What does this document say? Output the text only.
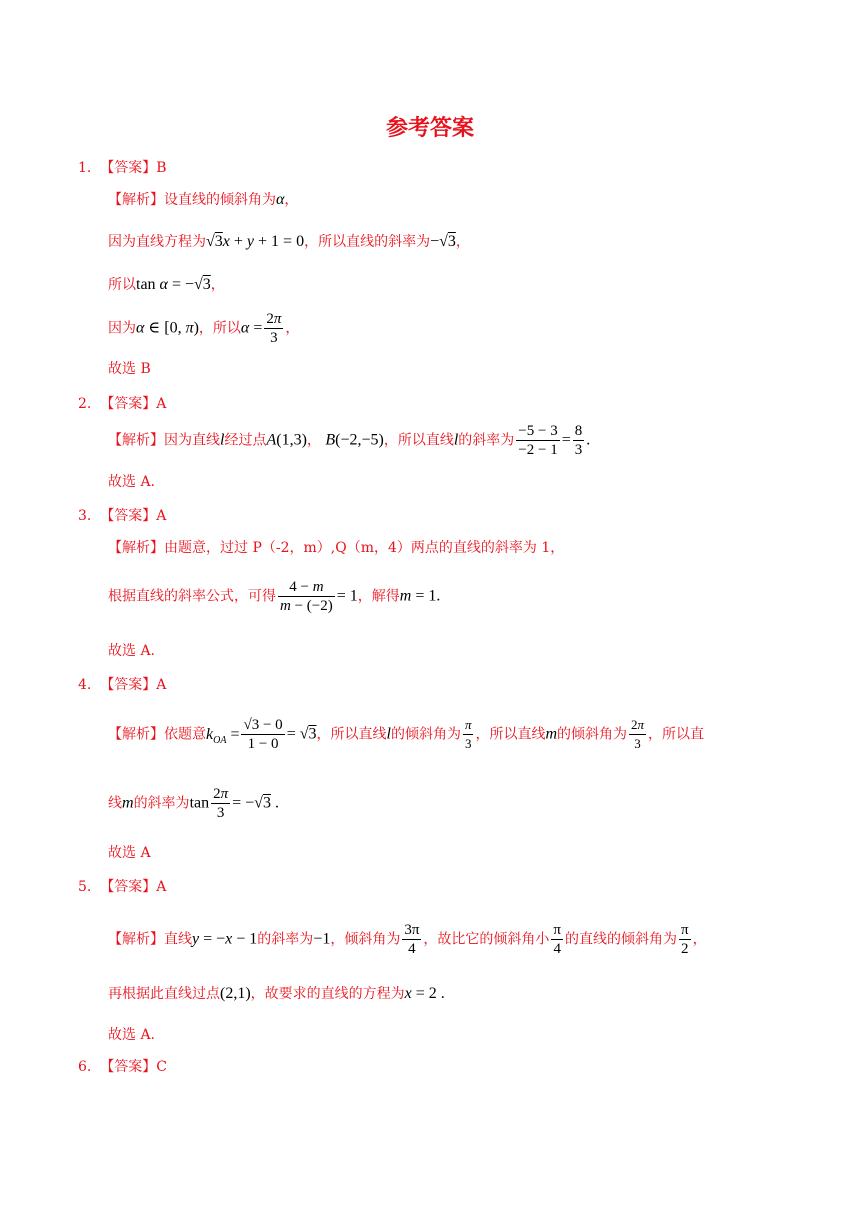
参考答案
1. 【答案】B
【解析】设直线的倾斜角为α，
因为直线方程为√3x + y + 1 = 0，所以直线的斜率为−√3，
所以tan α = −√3，
因为α ∈ [0, π)，所以$\alpha = \frac{2\pi}{3}$ ，
故选 B
2. 【答案】A
【解析】因为直线l经过点A(1,3)， B(−2,−5)，所以直线l的斜率为 $\frac{-5 - 3}{-2 - 1} = \frac{8}{3}$ .
故选 A.
3. 【答案】A
【解析】由题意，过过 P（-2，m）,Q（m，4）两点的直线的斜率为 1，
根据直线的斜率公式，可得 $\frac{4 - m}{m - (-2)} = 1$，解得m = 1.
故选 A.
4. 【答案】A
【解析】依题意$k_{OA} = \frac{√3 - 0}{1 - 0} = √3$，所以直线l的倾斜角为 $\frac{\pi}{3}$ ，所以直线m的倾斜角为 $\frac{2\pi}{3}$ ，所以直
线m的斜率为$\tan \frac{2\pi}{3} = -√3$ .
故选 A
5. 【答案】A
【解析】直线y = −x − 1的斜率为−1，倾斜角为 $\frac{3\pi}{4}$ ，故比它的倾斜角小 $\frac{\pi}{4}$ 的直线的倾斜角为 $\frac{\pi}{2}$ ，
再根据此直线过点(2,1)，故要求的直线的方程为x = 2 .
故选 A.
6. 【答案】C
